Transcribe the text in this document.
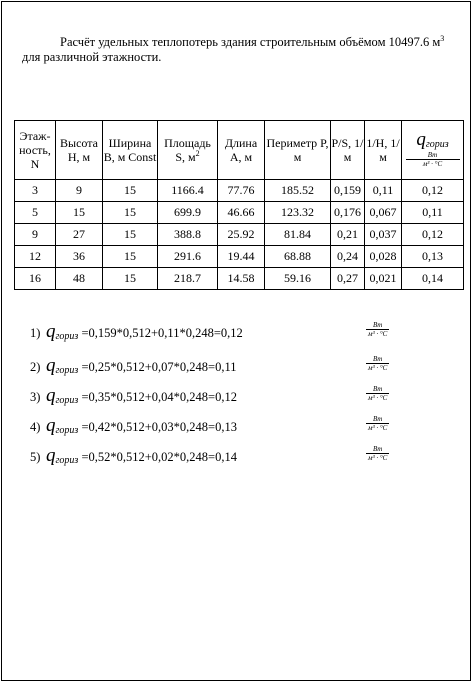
Расчёт удельных теплопотерь здания строительным объёмом 10497.6 $м^3$
для различной этажности.
Этаж-ность, N	Высота H, м	Ширина B, м Const	Площадь S, $м^2$	Длина A, м	Периметр P, м	P/S, 1/м	1/H, 1/м	qгориз
Вт
м³ · °С

3	9	15	1166.4	77.76	185.52	0,159	0,11	0,12
5	15	15	699.9	46.66	123.32	0,176	0,067	0,11
9	27	15	388.8	25.92	81.84	0,21	0,037	0,12
12	36	15	291.6	19.44	68.88	0,24	0,028	0,13
16	48	15	218.7	14.58	59.16	0,27	0,021	0,14
1) qгориз =0,159*0,512+0,11*0,248=0,12
Вт
м³ · °С
2) qгориз =0,25*0,512+0,07*0,248=0,11
Вт
м³ · °С
3) qгориз =0,35*0,512+0,04*0,248=0,12
Вт
м³ · °С
4) qгориз =0,42*0,512+0,03*0,248=0,13
Вт
м³ · °С
5) qгориз =0,52*0,512+0,02*0,248=0,14
Вт
м³ · °С
